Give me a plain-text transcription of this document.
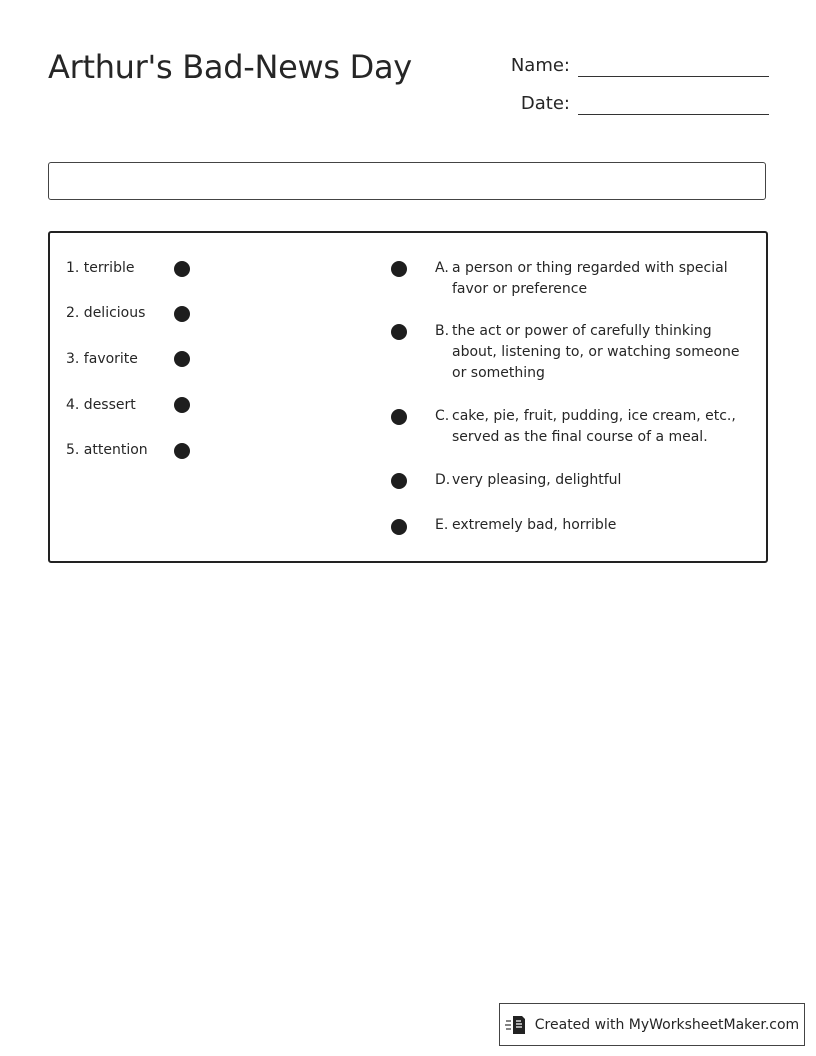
Arthur's Bad-News Day	Name:
Date:
1. terrible
2. delicious
3. favorite
4. dessert
5. attention
A. a person or thing regarded with special favor or preference
B. the act or power of carefully thinking about, listening to, or watching someone or something
C. cake, pie, fruit, pudding, ice cream, etc., served as the final course of a meal.
D. very pleasing, delightful
E. extremely bad, horrible
Created with MyWorksheetMaker.com
